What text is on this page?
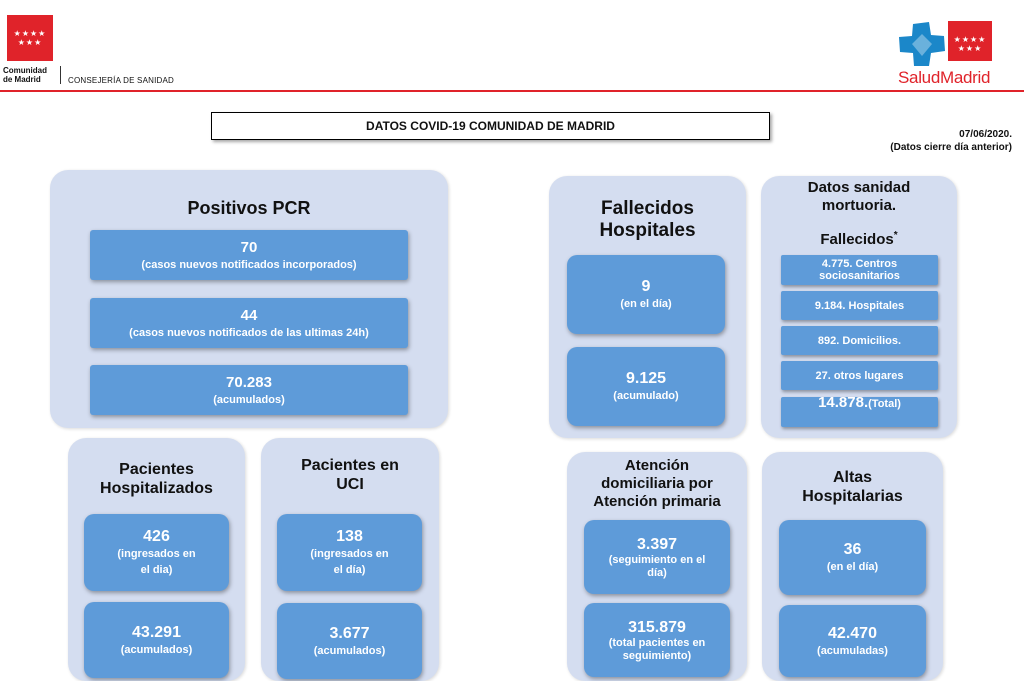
★★★★
★★★
Comunidad
de Madrid	CONSEJERÍA DE SANIDAD
★★★★
★★★
SaludMadrid
DATOS COVID-19 COMUNIDAD DE MADRID
07/06/2020.
(Datos cierre día anterior)
Positivos PCR
70
(casos nuevos notificados incorporados)
44
(casos nuevos notificados de las ultimas 24h)
70.283
(acumulados)
Pacientes
Hospitalizados
426
(ingresados en
el dia)
43.291
(acumulados)
Pacientes en
UCI
138
(ingresados en
el día)
3.677
(acumulados)
Fallecidos
Hospitales
9
(en el día)
9.125
(acumulado)
Datos sanidad
mortuoria.
Fallecidos*
4.775. Centros
sociosanitarios
9.184. Hospitales
892. Domicilios.
27. otros lugares
14.878. (Total)
Atención
domiciliaria por
Atención primaria
3.397
(seguimiento en el
día)
315.879
(total pacientes en
seguimiento)
Altas
Hospitalarias
36
(en el día)
42.470
(acumuladas)
